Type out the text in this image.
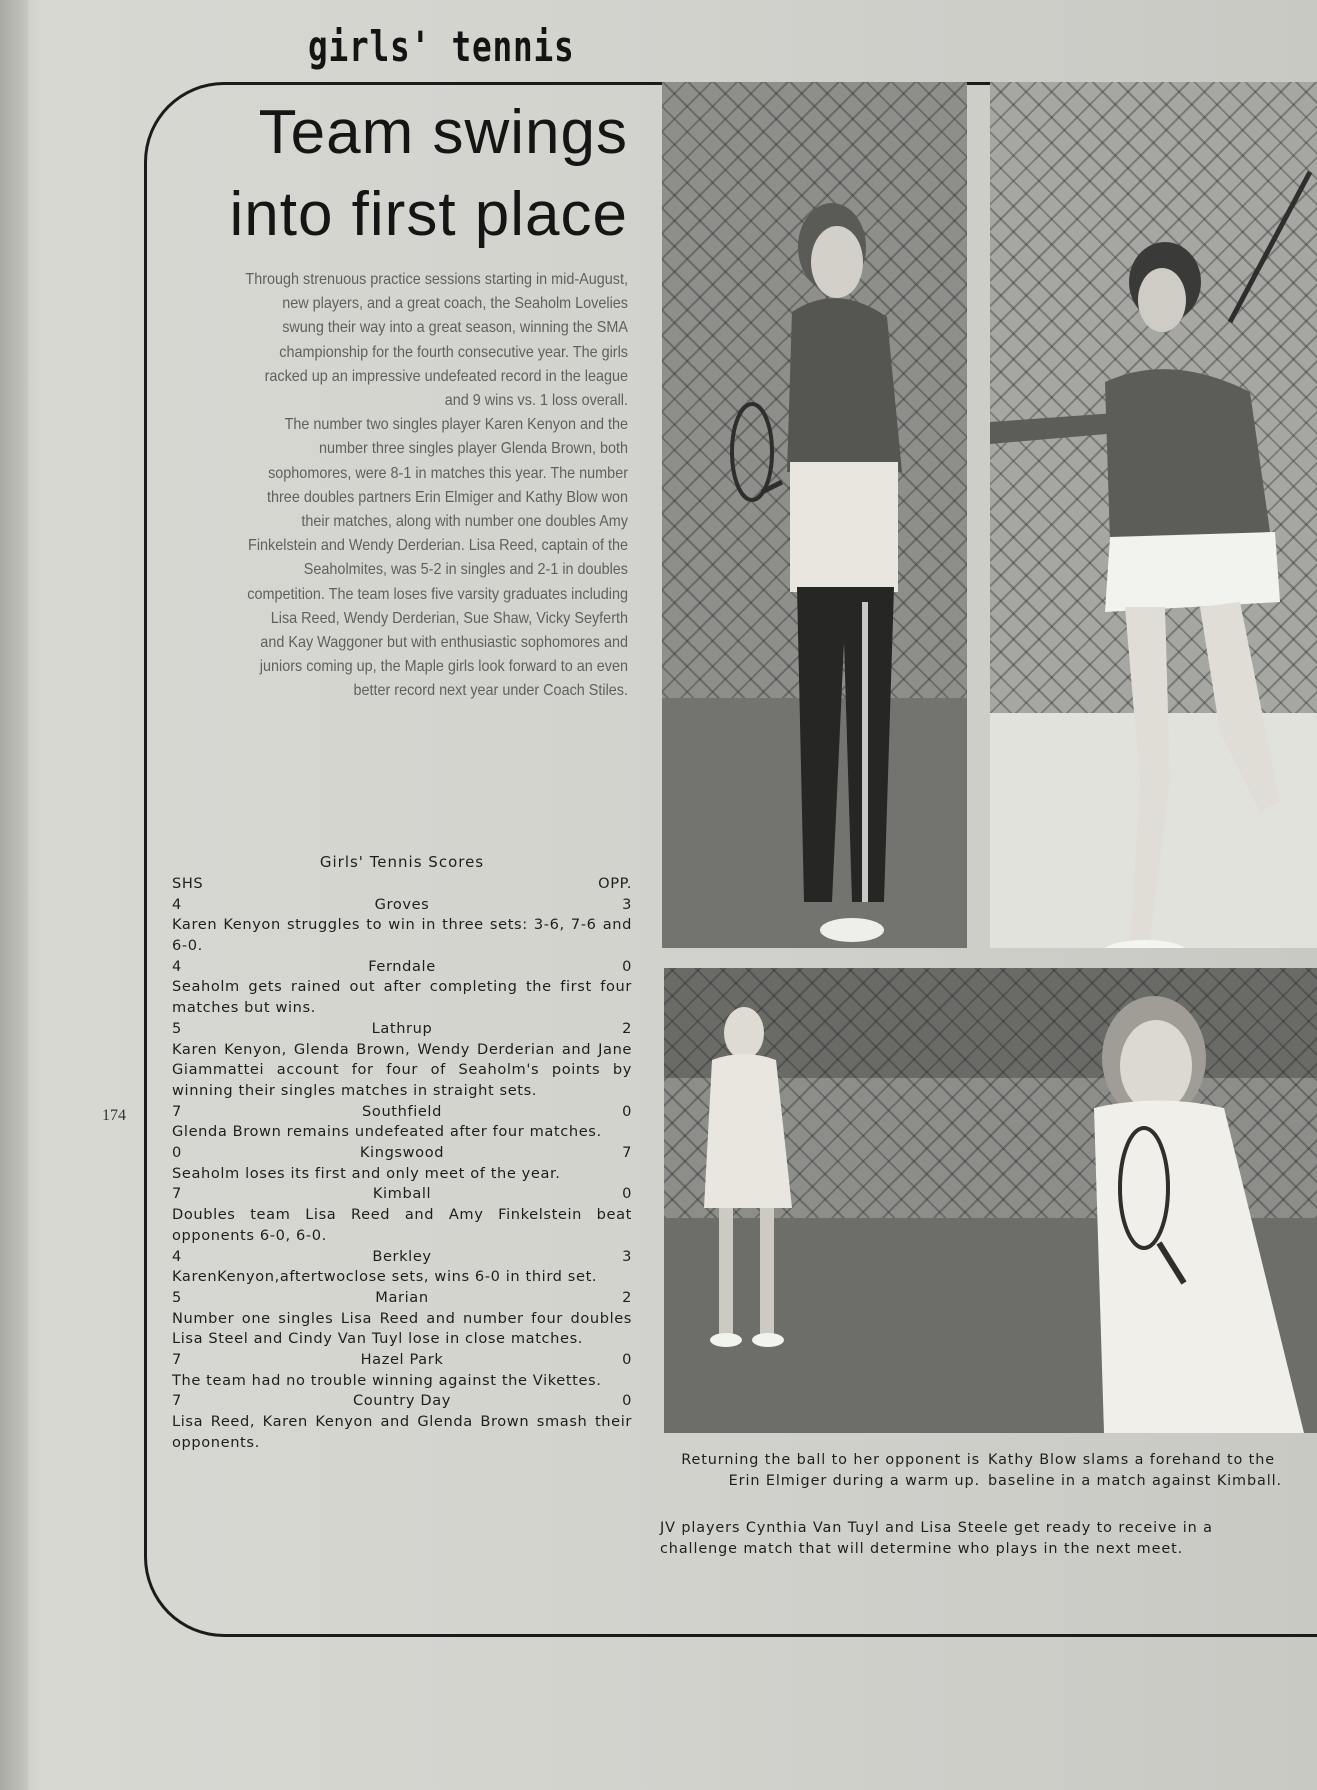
girls' tennis
Team swings
into first place

Through strenuous practice sessions starting in mid-August, new players, and a great coach, the Seaholm Lovelies swung their way into a great season, winning the SMA championship for the fourth consecutive year. The girls racked up an impressive undefeated record in the league and 9 wins vs. 1 loss overall.

The number two singles player Karen Kenyon and the number three singles player Glenda Brown, both sophomores, were 8-1 in matches this year. The number three doubles partners Erin Elmiger and Kathy Blow won their matches, along with number one doubles Amy Finkelstein and Wendy Derderian. Lisa Reed, captain of the Seaholmites, was 5-2 in singles and 2-1 in doubles competition. The team loses five varsity graduates including Lisa Reed, Wendy Derderian, Sue Shaw, Vicky Seyferth and Kay Waggoner but with enthusiastic sophomores and juniors coming up, the Maple girls look forward to an even better record next year under Coach Stiles.

Girls' Tennis Scores
SHS	OPP.
4	Groves	3

Karen Kenyon struggles to win in three sets: 3-6, 7-6 and 6-0.

4	Ferndale	0

Seaholm gets rained out after completing the first four matches but wins.

5	Lathrup	2

Karen Kenyon, Glenda Brown, Wendy Derderian and Jane Giammattei account for four of Seaholm's points by winning their singles matches in straight sets.

7	Southfield	0

Glenda Brown remains undefeated after four matches.

0	Kingswood	7

Seaholm loses its first and only meet of the year.

7	Kimball	0

Doubles team Lisa Reed and Amy Finkelstein beat opponents 6-0, 6-0.

4	Berkley	3

KarenKenyon,aftertwoclose sets, wins 6-0 in third set.

5	Marian	2

Number one singles Lisa Reed and number four doubles Lisa Steel and Cindy Van Tuyl lose in close matches.

7	Hazel Park	0

The team had no trouble winning against the Vikettes.

7	Country Day	0

Lisa Reed, Karen Kenyon and Glenda Brown smash their opponents.

174
Returning the ball to her opponent is Erin Elmiger during a warm up.
Kathy Blow slams a forehand to the baseline in a match against Kimball.
JV players Cynthia Van Tuyl and Lisa Steele get ready to receive in a challenge match that will determine who plays in the next meet.
